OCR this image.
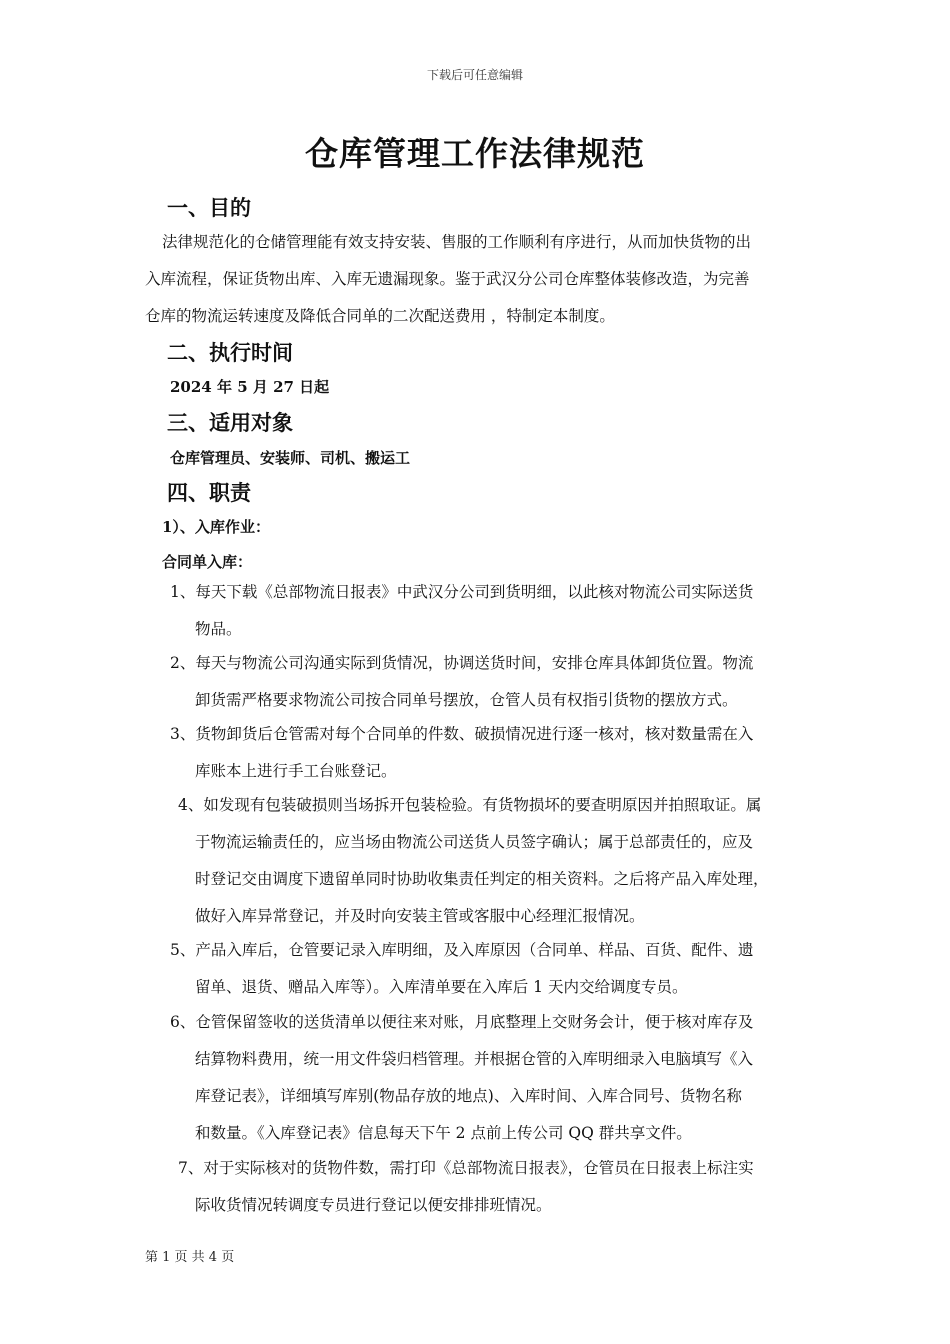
下载后可任意编辑
仓库管理工作法律规范
一、目的
法律规范化的仓储管理能有效支持安装、售服的工作顺利有序进行，从而加快货物的出
入库流程，保证货物出库、入库无遗漏现象。鉴于武汉分公司仓库整体装修改造，为完善
仓库的物流运转速度及降低合同单的二次配送费用 ，特制定本制度。
二、执行时间
2024 年 5 月 27 日起
三、适用对象
仓库管理员、安装师、司机、搬运工
四、职责
1）、入库作业：
合同单入库：
1、每天下载《总部物流日报表》中武汉分公司到货明细，以此核对物流公司实际送货
物品。
2、每天与物流公司沟通实际到货情况，协调送货时间，安排仓库具体卸货位置。物流
卸货需严格要求物流公司按合同单号摆放，仓管人员有权指引货物的摆放方式。
3、货物卸货后仓管需对每个合同单的件数、破损情况进行逐一核对，核对数量需在入
库账本上进行手工台账登记。
4、如发现有包装破损则当场拆开包装检验。有货物损坏的要查明原因并拍照取证。属
于物流运输责任的，应当场由物流公司送货人员签字确认；属于总部责任的，应及
时登记交由调度下遗留单同时协助收集责任判定的相关资料。之后将产品入库处理，
做好入库异常登记，并及时向安装主管或客服中心经理汇报情况。
5、产品入库后，仓管要记录入库明细，及入库原因（合同单、样品、百货、配件、遗
留单、退货、赠品入库等）。入库清单要在入库后 1 天内交给调度专员。
6、仓管保留签收的送货清单以便往来对账，月底整理上交财务会计，便于核对库存及
结算物料费用，统一用文件袋归档管理。并根据仓管的入库明细录入电脑填写《入
库登记表》，详细填写库别(物品存放的地点)、入库时间、入库合同号、货物名称
和数量。《入库登记表》信息每天下午 2 点前上传公司 QQ 群共享文件。
7、对于实际核对的货物件数，需打印《总部物流日报表》，仓管员在日报表上标注实
际收货情况转调度专员进行登记以便安排排班情况。
第 1 页 共 4 页
